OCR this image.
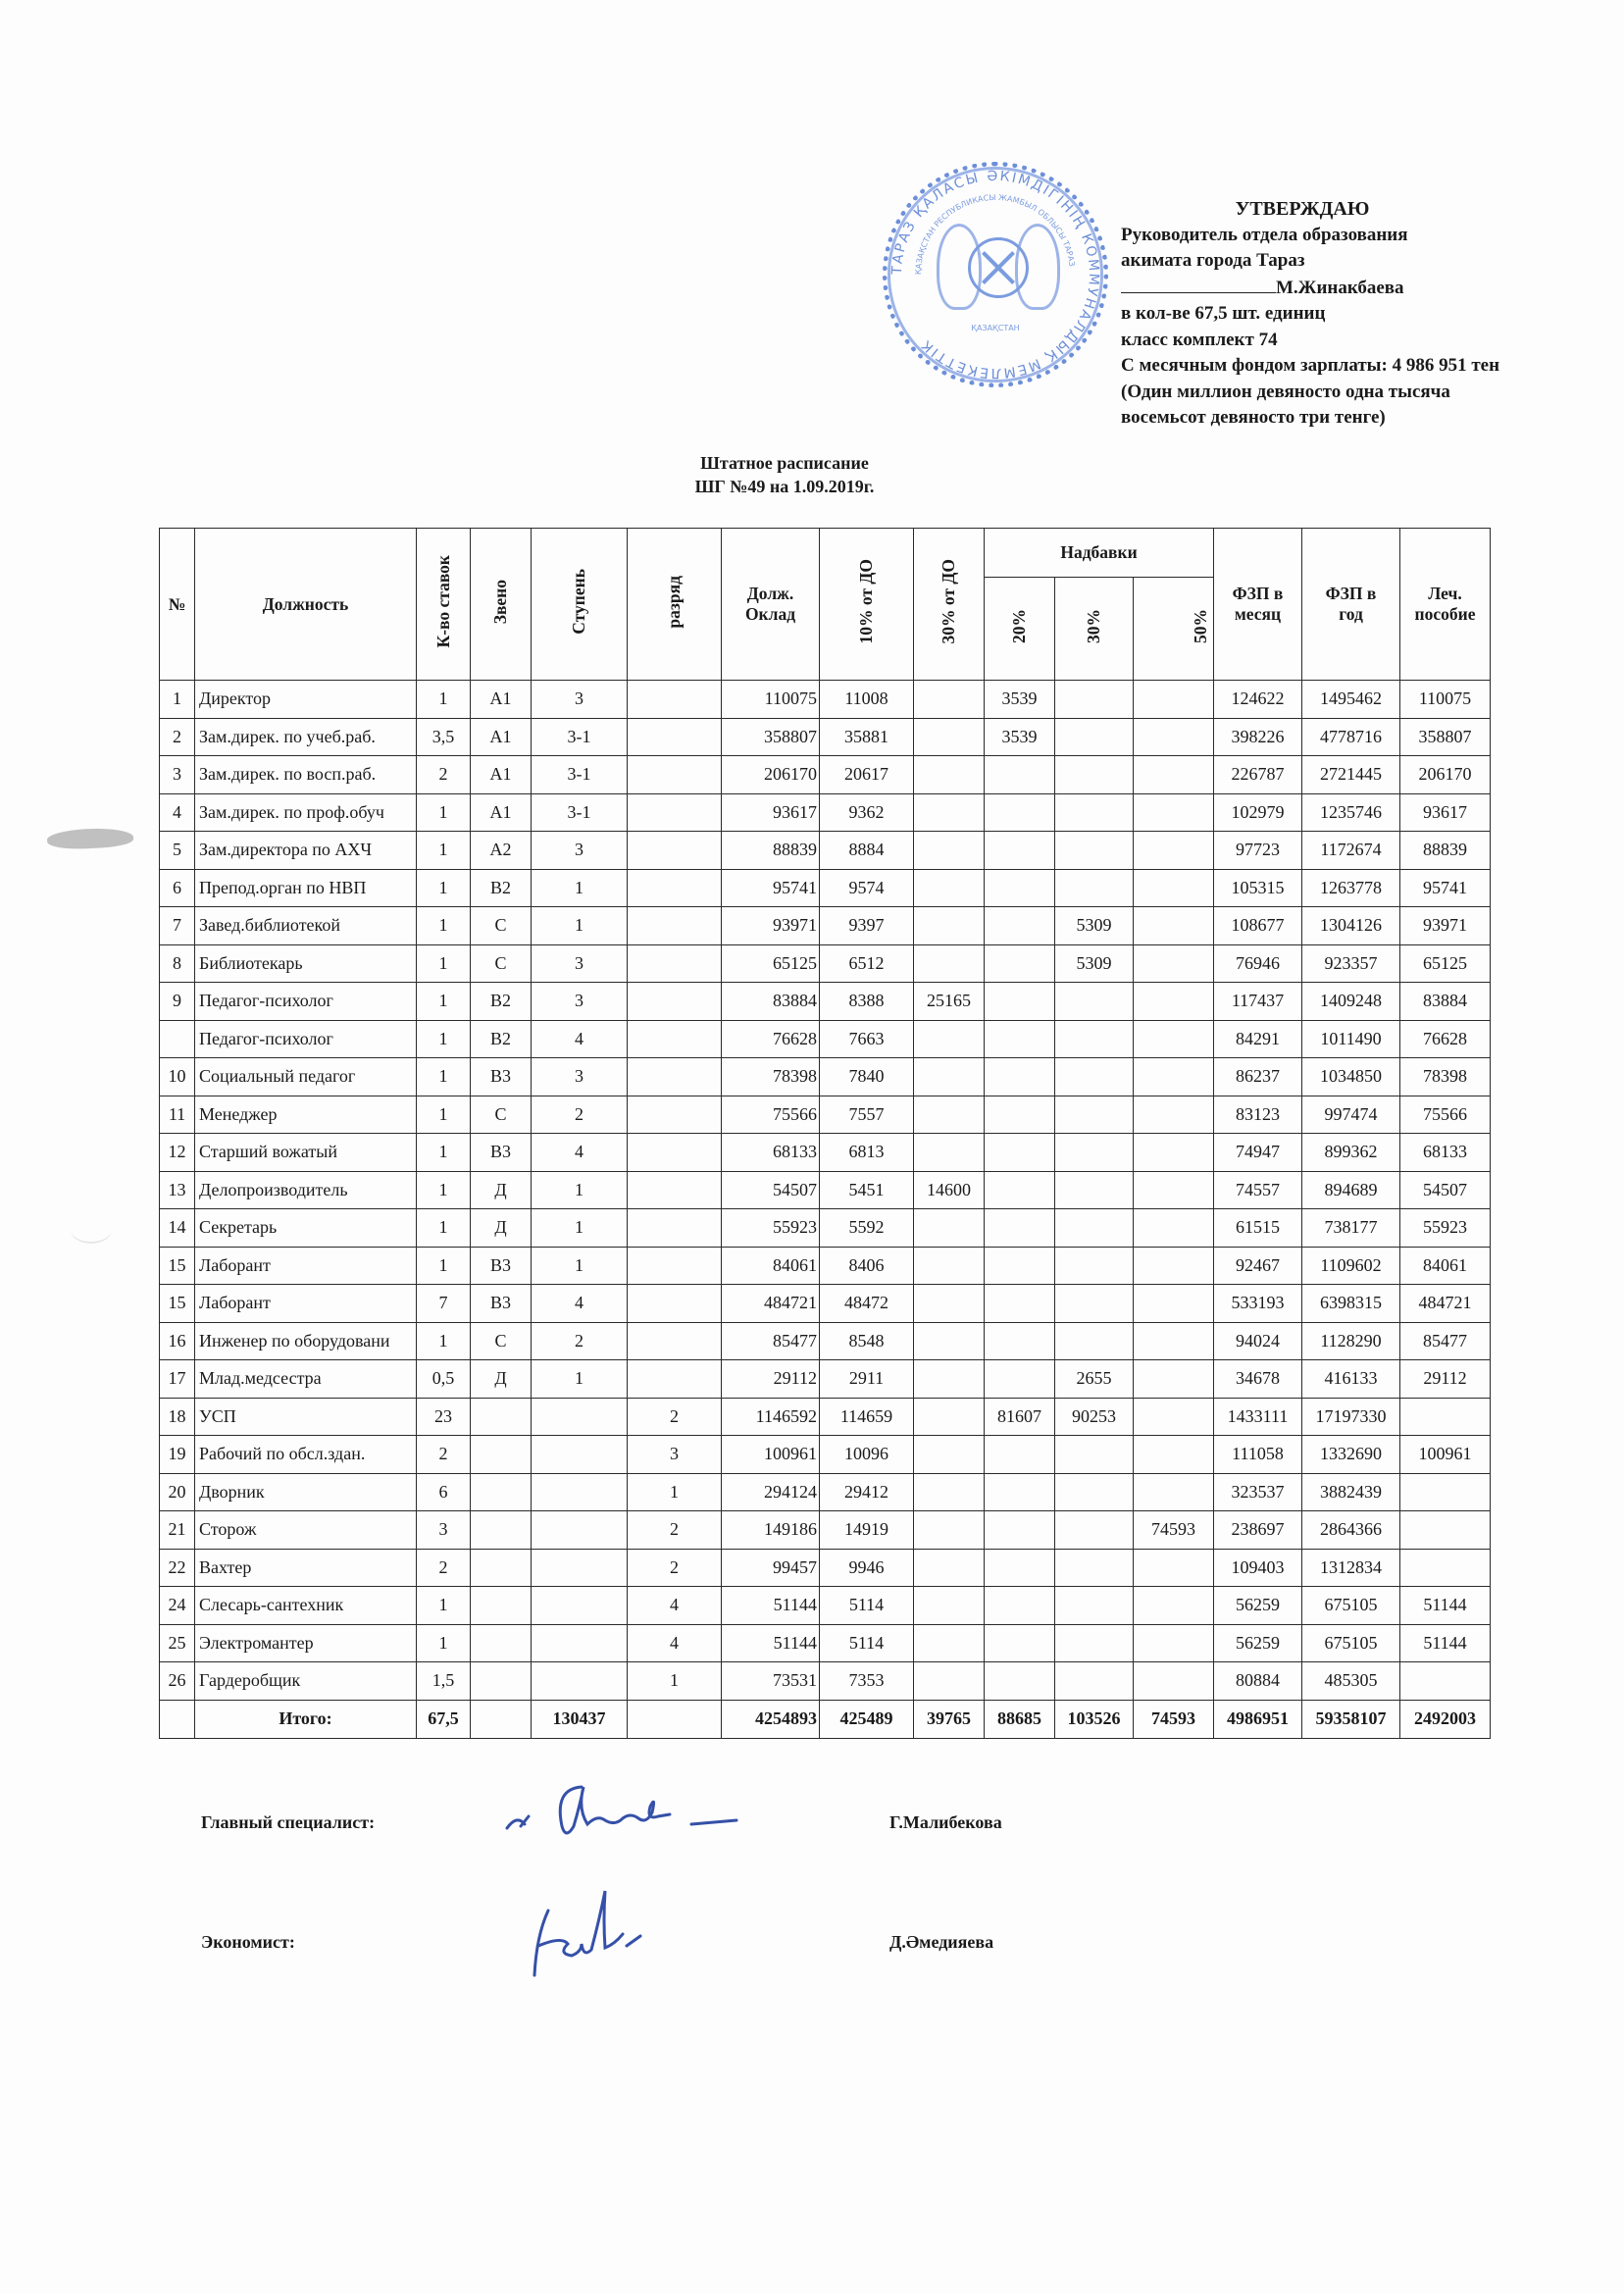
ТАРАЗ ҚАЛАСЫ ӘКІМДІГІНІҢ КОММУНАЛДЫҚ МЕМЛЕКЕТТІК
ҚАЗАҚСТАН РЕСПУБЛИКАСЫ ЖАМБЫЛ ОБЛЫСЫ ТАРАЗ
ҚАЗАҚСТАН
УТВЕРЖДАЮ
Руководитель отдела образования
акимата города Тараз
М.Жинакбаева
в кол-ве 67,5 шт. единиц
класс комплект 74
С месячным фондом зарплаты: 4 986 951 тен
(Один миллион девяносто одна тысяча
восемьсот девяносто три тенге)
Штатное расписание
ШГ №49 на 1.09.2019г.
№	Должность	К-во ставок	Звено	Ступень	разряд	Долж. Оклад	10% от ДО	30% от ДО	Надбавки			ФЗП в месяц	ФЗП в год	Леч. пособие
									20%	30%	50%			
1	Директор	1	А1	3		110075	11008		3539			124622	1495462	110075
2	Зам.дирек. по учеб.раб.	3,5	А1	3-1		358807	35881		3539			398226	4778716	358807
3	Зам.дирек. по восп.раб.	2	А1	3-1		206170	20617					226787	2721445	206170
4	Зам.дирек. по проф.обуч	1	А1	3-1		93617	9362					102979	1235746	93617
5	Зам.директора по АХЧ	1	А2	3		88839	8884					97723	1172674	88839
6	Препод.орган по НВП	1	В2	1		95741	9574					105315	1263778	95741
7	Завед.библиотекой	1	С	1		93971	9397			5309		108677	1304126	93971
8	Библиотекарь	1	С	3		65125	6512			5309		76946	923357	65125
9	Педагог-психолог	1	В2	3		83884	8388	25165				117437	1409248	83884
	Педагог-психолог	1	В2	4		76628	7663					84291	1011490	76628
10	Социальный педагог	1	В3	3		78398	7840					86237	1034850	78398
11	Менеджер	1	С	2		75566	7557					83123	997474	75566
12	Старший вожатый	1	В3	4		68133	6813					74947	899362	68133
13	Делопроизводитель	1	Д	1		54507	5451	14600				74557	894689	54507
14	Секретарь	1	Д	1		55923	5592					61515	738177	55923
15	Лаборант	1	В3	1		84061	8406					92467	1109602	84061
15	Лаборант	7	В3	4		484721	48472					533193	6398315	484721
16	Инженер по оборудовани	1	С	2		85477	8548					94024	1128290	85477
17	Млад.медсестра	0,5	Д	1		29112	2911			2655		34678	416133	29112
18	УСП	23			2	1146592	114659		81607	90253		1433111	17197330	
19	Рабочий по обсл.здан.	2			3	100961	10096					111058	1332690	100961
20	Дворник	6			1	294124	29412					323537	3882439	
21	Сторож	3			2	149186	14919				74593	238697	2864366	
22	Вахтер	2			2	99457	9946					109403	1312834	
24	Слесарь-сантехник	1			4	51144	5114					56259	675105	51144
25	Электромантер	1			4	51144	5114					56259	675105	51144
26	Гардеробщик	1,5			1	73531	7353					80884	485305	
	Итого:	67,5		130437		4254893	425489	39765	88685	103526	74593	4986951	59358107	2492003
Главный специалист:	Г.Малибекова
Экономист:	Д.Әмедияева
